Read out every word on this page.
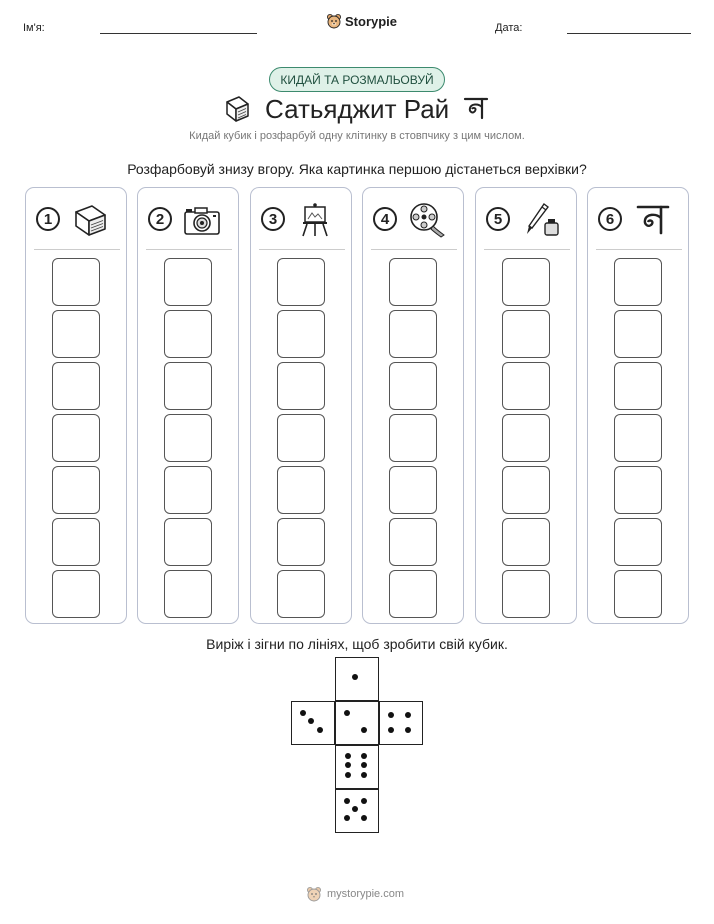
Ім'я:	Storypie	Дата:
КИДАЙ ТА РОЗМАЛЬОВУЙ
Сатьяджит Рай
Кидай кубик і розфарбуй одну клітинку в стовпчику з цим числом.
Розфарбовуй знизу вгору. Яка картинка першою дістанеться верхівки?
1	2	3	4	5	6
Виріж і зігни по лініях, щоб зробити свій кубик.
mystorypie.com
